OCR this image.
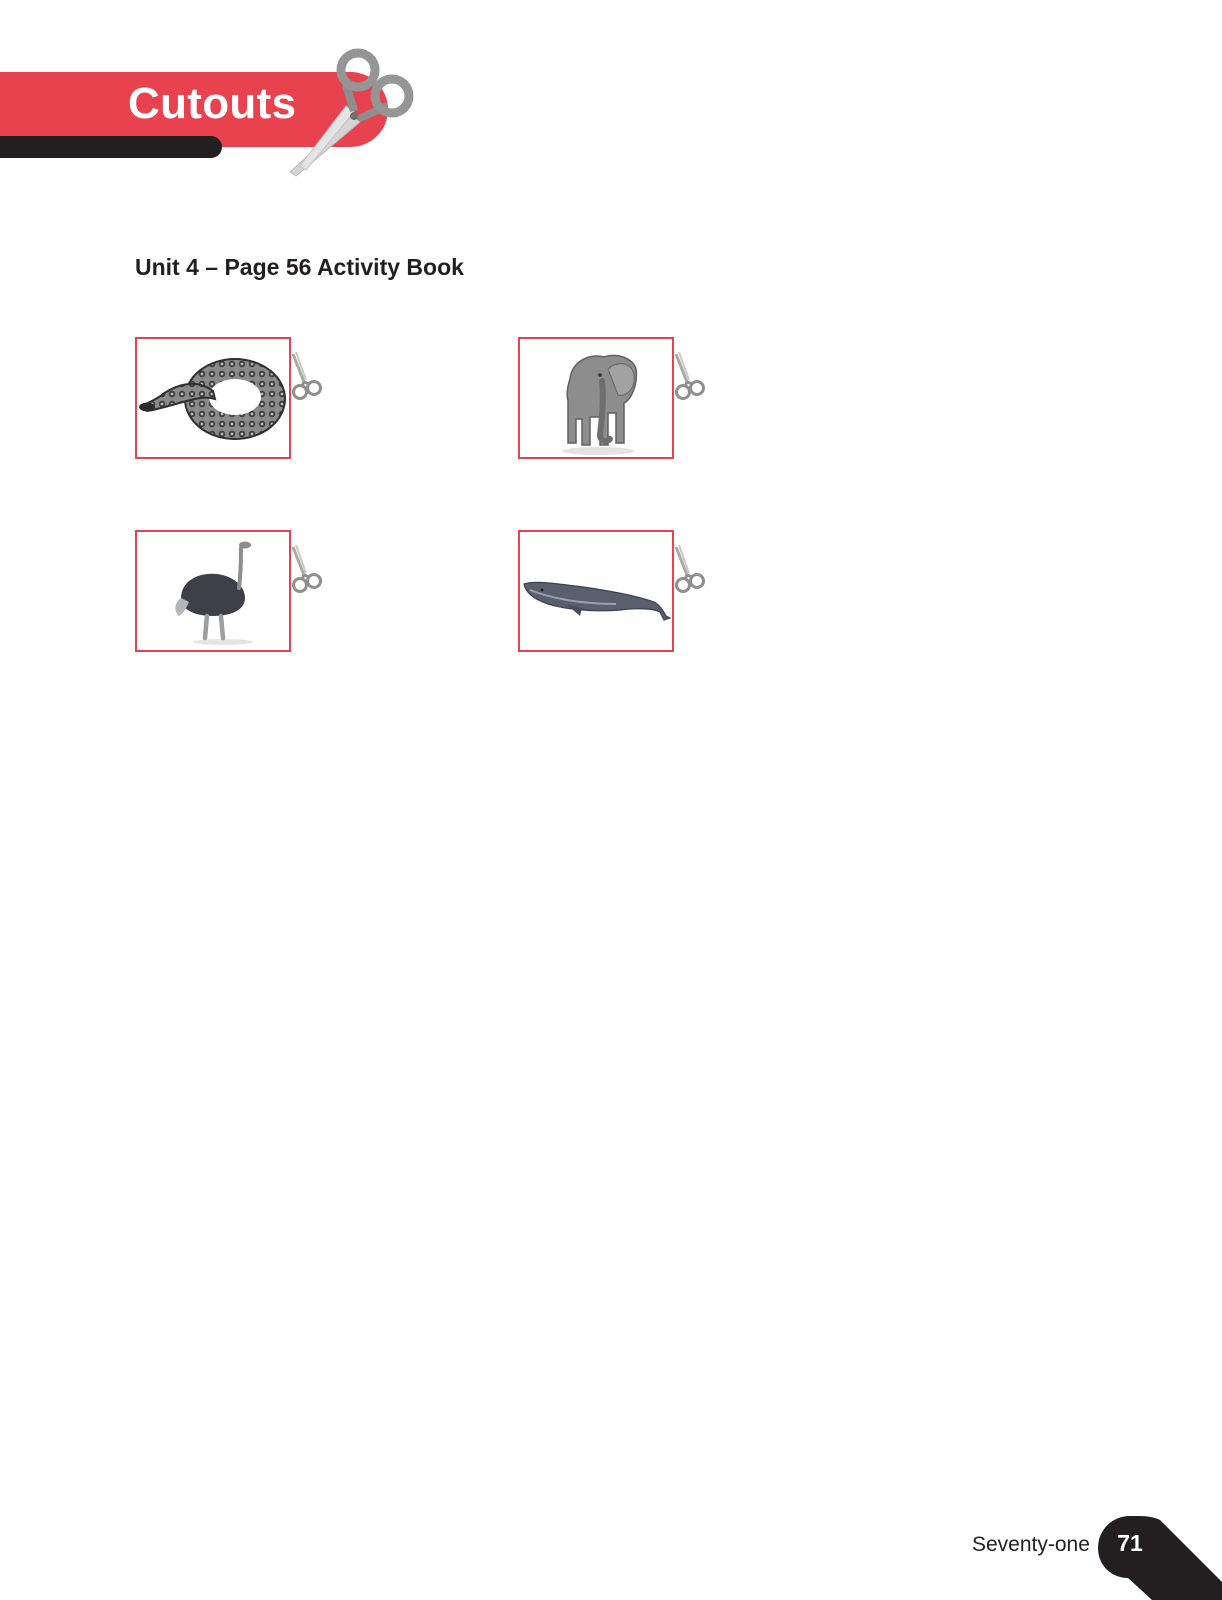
Cutouts
Unit 4 – Page 56 Activity Book
Seventy-one 71
